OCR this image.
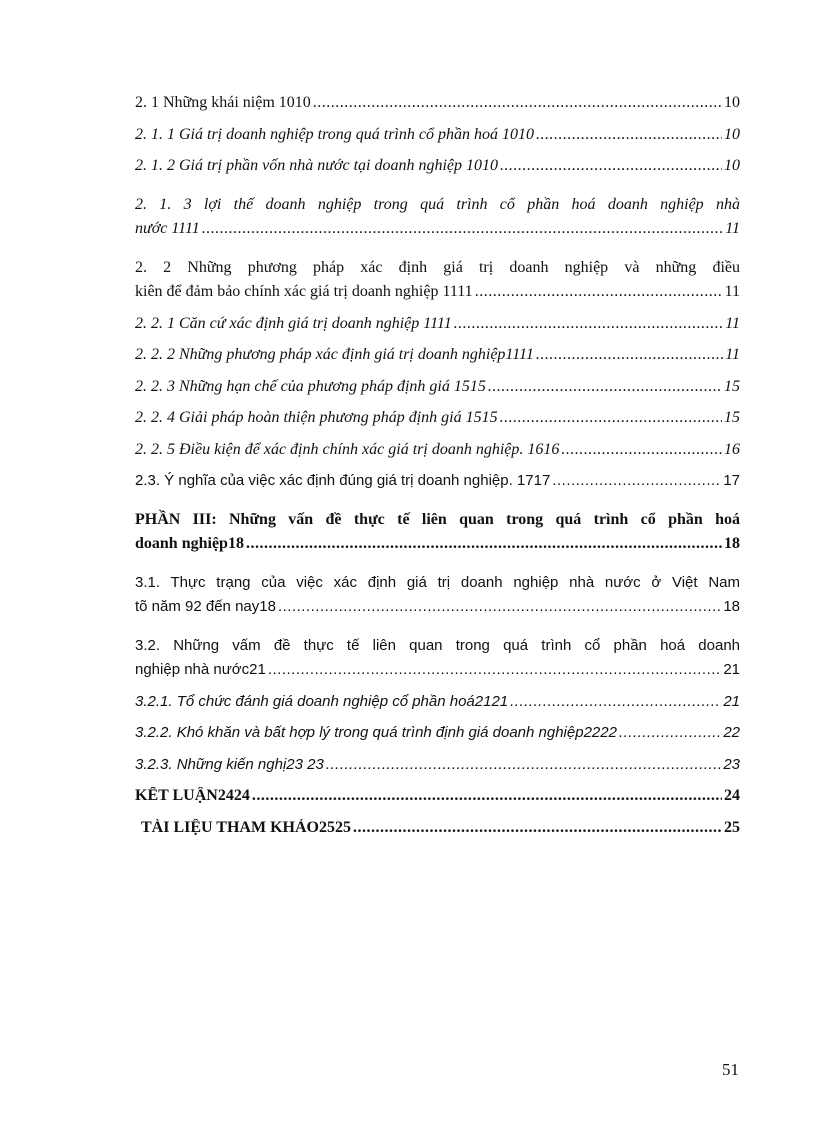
2. 1 Những khái niệm 1010 .....	10
2. 1. 1 Giá trị doanh nghiệp trong quá trình cổ phần hoá 1010 .....	10
2. 1. 2 Giá trị phần vốn nhà nước tại doanh nghiệp 1010 .....	10
2. 1. 3 lợi thế doanh nghiệp trong quá trình cổ phần hoá doanh nghiệp nhà
nước 1111 .....	11
2. 2 Những phương pháp xác định giá trị doanh nghiệp và những điều
kiên để đảm bảo chính xác giá trị doanh nghiệp 1111 .....	11
2. 2. 1 Căn cứ xác định giá trị doanh nghiệp 1111 .....	11
2. 2. 2 Những phương pháp xác định giá trị doanh nghiệp1111 .....	11
2. 2. 3 Những hạn chế của phương pháp định giá 1515 .....	15
2. 2. 4 Giải pháp hoàn thiện phương pháp định giá 1515 .....	15
2. 2. 5 Điều kiện để xác định chính xác giá trị doanh nghiệp. 1616 .....	16
2.3. Ý nghĩa của việc xác định đúng giá trị doanh nghiệp. 1717 .....	17
PHẦN III: Những vấn đề thực tế liên quan trong quá trình cổ phần hoá
doanh nghiệp18 .....	18
3.1. Thực trạng của việc xác định giá trị doanh nghiệp nhà nước ở Việt Nam
tõ năm 92 đến nay18 .....	18
3.2. Những vấm đề thực tế liên quan trong quá trình cổ phần hoá doanh
nghiệp nhà nước21 .....	21
3.2.1. Tổ chức đánh giá doanh nghiệp cổ phần hoá2121 .....	21
3.2.2. Khó khăn và bất hợp lý trong quá trình định giá doanh nghiệp2222 .....	22
3.2.3. Những kiến nghị23 23 .....	23
KẾT LUẬN2424 .....	24
TÀI LIỆU THAM KHẢO2525 .....	25
51
